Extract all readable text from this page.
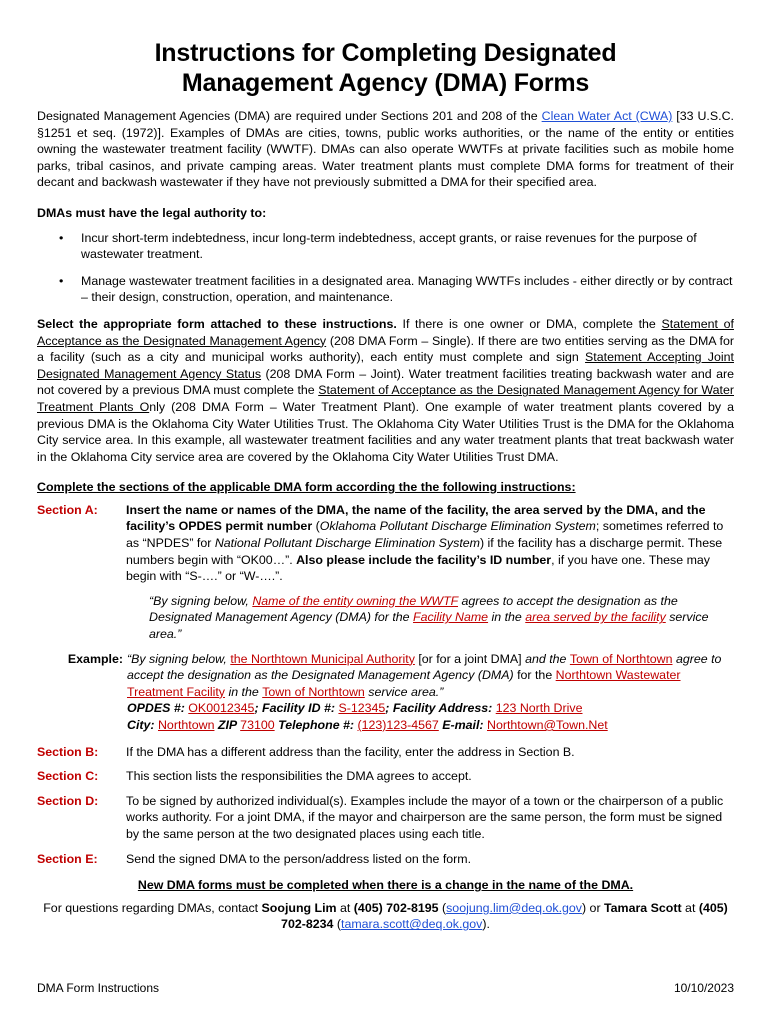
Instructions for Completing Designated
Management Agency (DMA) Forms

Designated Management Agencies (DMA) are required under Sections 201 and 208 of the Clean Water Act (CWA) [33 U.S.C. §1251 et seq. (1972)]. Examples of DMAs are cities, towns, public works authorities, or the name of the entity or entities owning the wastewater treatment facility (WWTF). DMAs can also operate WWTFs at private facilities such as mobile home parks, tribal casinos, and private camping areas. Water treatment plants must complete DMA forms for treatment of their decant and backwash wastewater if they have not previously submitted a DMA for their specified area.

DMAs must have the legal authority to:
• Incur short-term indebtedness, incur long-term indebtedness, accept grants, or raise revenues for the purpose of wastewater treatment.
• Manage wastewater treatment facilities in a designated area. Managing WWTFs includes - either directly or by contract – their design, construction, operation, and maintenance.

Select the appropriate form attached to these instructions. If there is one owner or DMA, complete the Statement of Acceptance as the Designated Management Agency (208 DMA Form – Single). If there are two entities serving as the DMA for a facility (such as a city and municipal works authority), each entity must complete and sign Statement Accepting Joint Designated Management Agency Status (208 DMA Form – Joint). Water treatment facilities treating backwash water and are not covered by a previous DMA must complete the Statement of Acceptance as the Designated Management Agency for Water Treatment Plants Only (208 DMA Form – Water Treatment Plant). One example of water treatment plants covered by a previous DMA is the Oklahoma City Water Utilities Trust. The Oklahoma City Water Utilities Trust is the DMA for the Oklahoma City service area. In this example, all wastewater treatment facilities and any water treatment plants that treat backwash water in the Oklahoma City service area are covered by the Oklahoma City Water Utilities Trust DMA.

Complete the sections of the applicable DMA form according the the following instructions:
Section A:	Insert the name or names of the DMA, the name of the facility, the area served by the DMA, and the facility’s OPDES permit number (Oklahoma Pollutant Discharge Elimination System; sometimes referred to as “NPDES” for National Pollutant Discharge Elimination System) if the facility has a discharge permit. These numbers begin with “OK00…”. Also please include the facility’s ID number, if you have one. These may begin with “S-….” or “W-….”.
“By signing below, Name of the entity owning the WWTF agrees to accept the designation as the Designated Management Agency (DMA) for the Facility Name in the area served by the facility service area.”
Example: “By signing below, the Northtown Municipal Authority [or for a joint DMA] and the Town of Northtown agree to accept the designation as the Designated Management Agency (DMA) for the Northtown Wastewater Treatment Facility in the Town of Northtown service area.”
OPDES #: OK0012345; Facility ID #: S-12345; Facility Address: 123 North Drive
City: Northtown ZIP 73100 Telephone #: (123)123-4567 E-mail: Northtown@Town.Net
Section B:	If the DMA has a different address than the facility, enter the address in Section B.
Section C:	This section lists the responsibilities the DMA agrees to accept.
Section D:	To be signed by authorized individual(s). Examples include the mayor of a town or the chairperson of a public works authority. For a joint DMA, if the mayor and chairperson are the same person, the form must be signed by the same person at the two designated places using each title.
Section E:	Send the signed DMA to the person/address listed on the form.
New DMA forms must be completed when there is a change in the name of the DMA.

For questions regarding DMAs, contact Soojung Lim at (405) 702-8195 (soojung.lim@deq.ok.gov) or Tamara Scott at (405) 702-8234 (tamara.scott@deq.ok.gov).

DMA Form Instructions	10/10/2023
